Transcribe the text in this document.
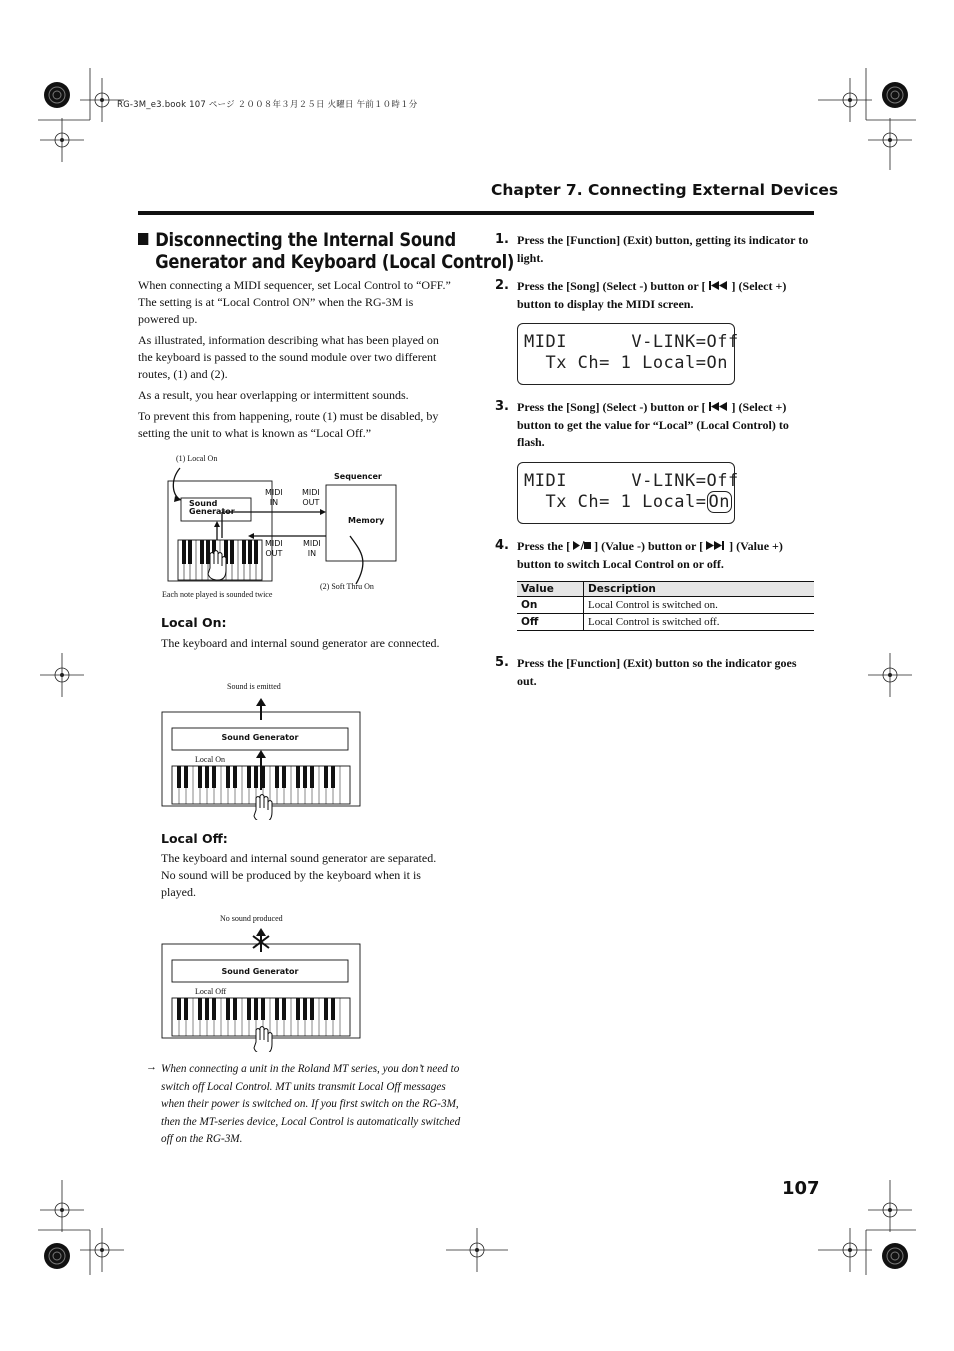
RG-3M_e3.book 107 ページ ２００８年３月２５日 火曜日 午前１０時１分
Chapter 7. Connecting External Devices
Disconnecting the Internal Sound
Generator and Keyboard (Local Control)
When connecting a MIDI sequencer, set Local Control to “OFF.” The setting is at “Local Control ON” when the RG-3M is powered up.
As illustrated, information describing what has been played on the keyboard is passed to the sound module over two different routes, (1) and (2).
As a result, you hear overlapping or intermittent sounds.
To prevent this from happening, route (1) must be disabled, by setting the unit to what is known as “Local Off.”
(1) Local On
Sequencer
Memory
Sound
Generator
MIDI
IN
MIDI
OUT
MIDI
OUT
MIDI
IN
(2) Soft Thru On
Each note played is sounded twice
Local On:
The keyboard and internal sound generator are connected.
Sound is emitted
Sound Generator
Local On
Local Off:
The keyboard and internal sound generator are separated. No sound will be produced by the keyboard when it is played.
No sound produced
Sound Generator
Local Off
→ When connecting a unit in the Roland MT series, you don’t need to switch off Local Control. MT units transmit Local Off messages when their power is switched on. If you first switch on the RG-3M, then the MT-series device, Local Control is automatically switched off on the RG-3M.
1. Press the [Function] (Exit) button, getting its indicator to light.
2. Press the [Song] (Select -) button or [ ] (Select +) button to display the MIDI screen.
MIDI      V-LINK=Off
Tx Ch= 1 Local=On
3. Press the [Song] (Select -) button or [ ] (Select +) button to get the value for “Local” (Local Control) to flash.
MIDI      V-LINK=Off
Tx Ch= 1 Local= On
4. Press the [ ] (Value -) button or [ ] (Value +) button to switch Local Control on or off.
Value	Description
On	Local Control is switched on.
Off	Local Control is switched off.
5. Press the [Function] (Exit) button so the indicator goes out.
107
